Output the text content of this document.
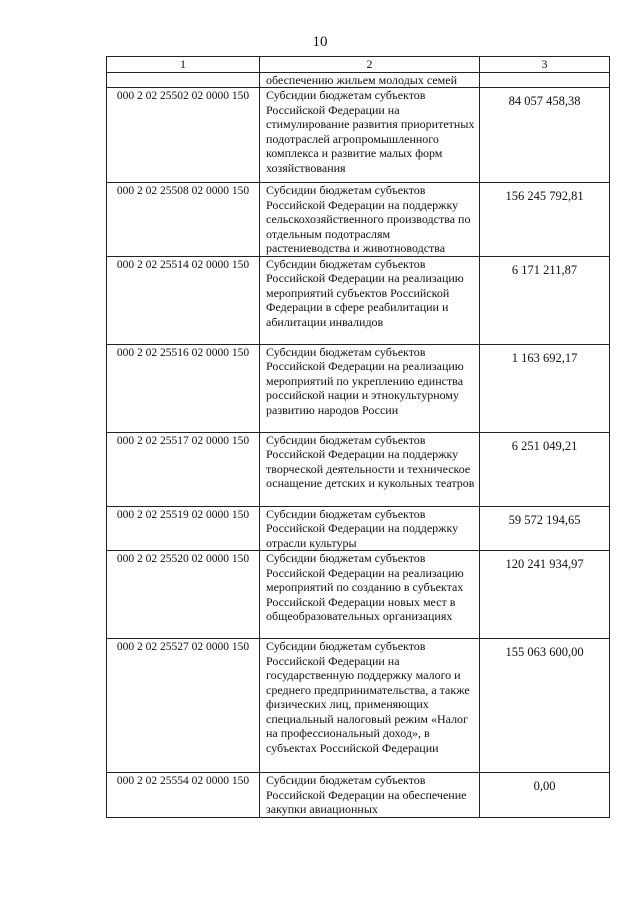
10
1	2	3
	обеспечению жильем молодых семей	
000 2 02 25502 02 0000 150	Субсидии бюджетам субъектов Российской Федерации на стимулирование развития приоритетных подотраслей агропромышленного комплекса и развитие малых форм хозяйствования	84 057 458,38
000 2 02 25508 02 0000 150	Субсидии бюджетам субъектов Российской Федерации на поддержку сельскохозяйственного производства по отдельным подотраслям растениеводства и животноводства	156 245 792,81
000 2 02 25514 02 0000 150	Субсидии бюджетам субъектов Российской Федерации на реализацию мероприятий субъектов Российской Федерации в сфере реабилитации и абилитации инвалидов	6 171 211,87
000 2 02 25516 02 0000 150	Субсидии бюджетам субъектов Российской Федерации на реализацию мероприятий по укреплению единства российской нации и этнокультурному развитию народов России	1 163 692,17
000 2 02 25517 02 0000 150	Субсидии бюджетам субъектов Российской Федерации на поддержку творческой деятельности и техническое оснащение детских и кукольных театров	6 251 049,21
000 2 02 25519 02 0000 150	Субсидии бюджетам субъектов Российской Федерации на поддержку отрасли культуры	59 572 194,65
000 2 02 25520 02 0000 150	Субсидии бюджетам субъектов Российской Федерации на реализацию мероприятий по созданию в субъектах Российской Федерации новых мест в общеобразовательных организациях	120 241 934,97
000 2 02 25527 02 0000 150	Субсидии бюджетам субъектов Российской Федерации на государственную поддержку малого и среднего предпринимательства, а также физических лиц, применяющих специальный налоговый режим «Налог на профессиональный доход», в субъектах Российской Федерации	155 063 600,00
000 2 02 25554 02 0000 150	Субсидии бюджетам субъектов Российской Федерации на обеспечение закупки авиационных	0,00
